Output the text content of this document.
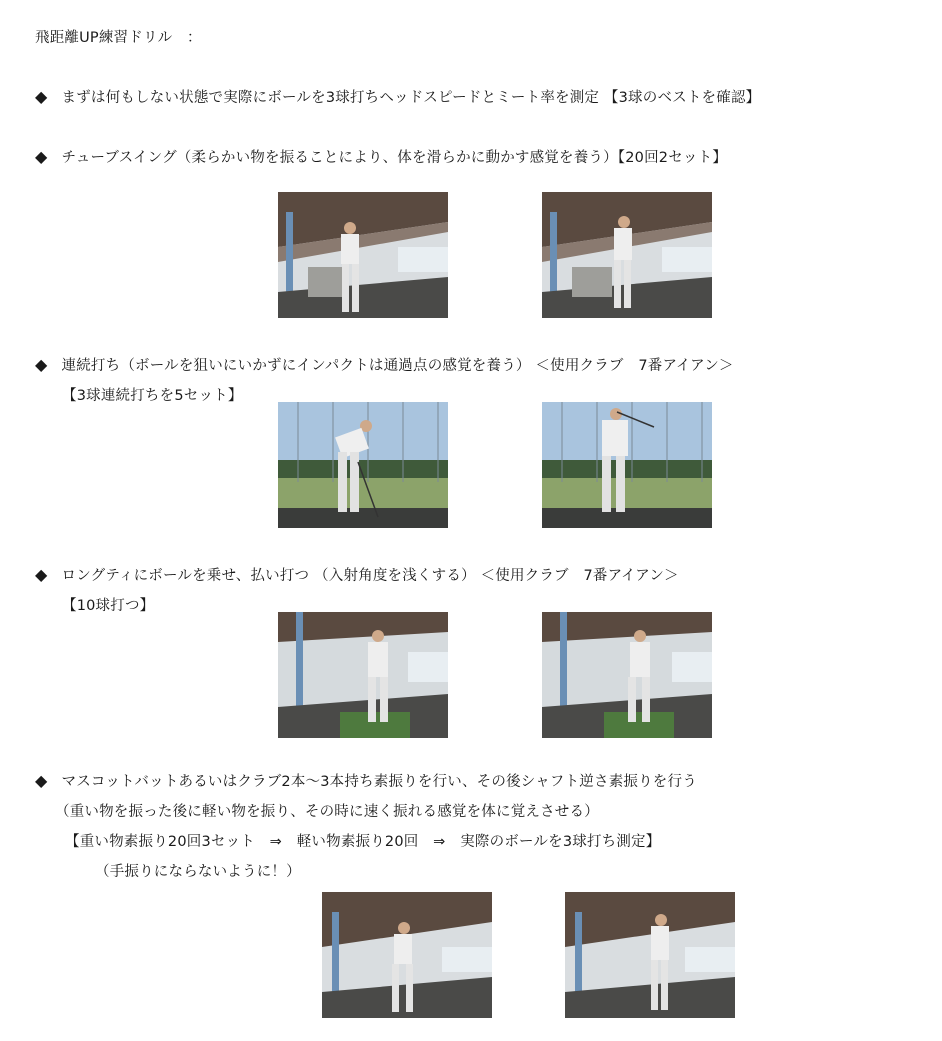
飛距離UP練習ドリル　：
◆ まずは何もしない状態で実際にボールを3球打ちヘッドスピードとミート率を測定 【3球のベストを確認】
◆ チューブスイング（柔らかい物を振ることにより、体を滑らかに動かす感覚を養う）【20回2セット】
◆ 連続打ち（ボールを狙いにいかずにインパクトは通過点の感覚を養う） ＜使用クラブ　7番アイアン＞
【3球連続打ちを5セット】
◆ ロングティにボールを乗せ、払い打つ （入射角度を浅くする） ＜使用クラブ　7番アイアン＞
【10球打つ】
◆ マスコットバットあるいはクラブ2本～3本持ち素振りを行い、その後シャフト逆さ素振りを行う
（重い物を振った後に軽い物を振り、その時に速く振れる感覚を体に覚えさせる）
【重い物素振り20回3セット　⇒　軽い物素振り20回　⇒　実際のボールを3球打ち測定】
（手振りにならないように！）
